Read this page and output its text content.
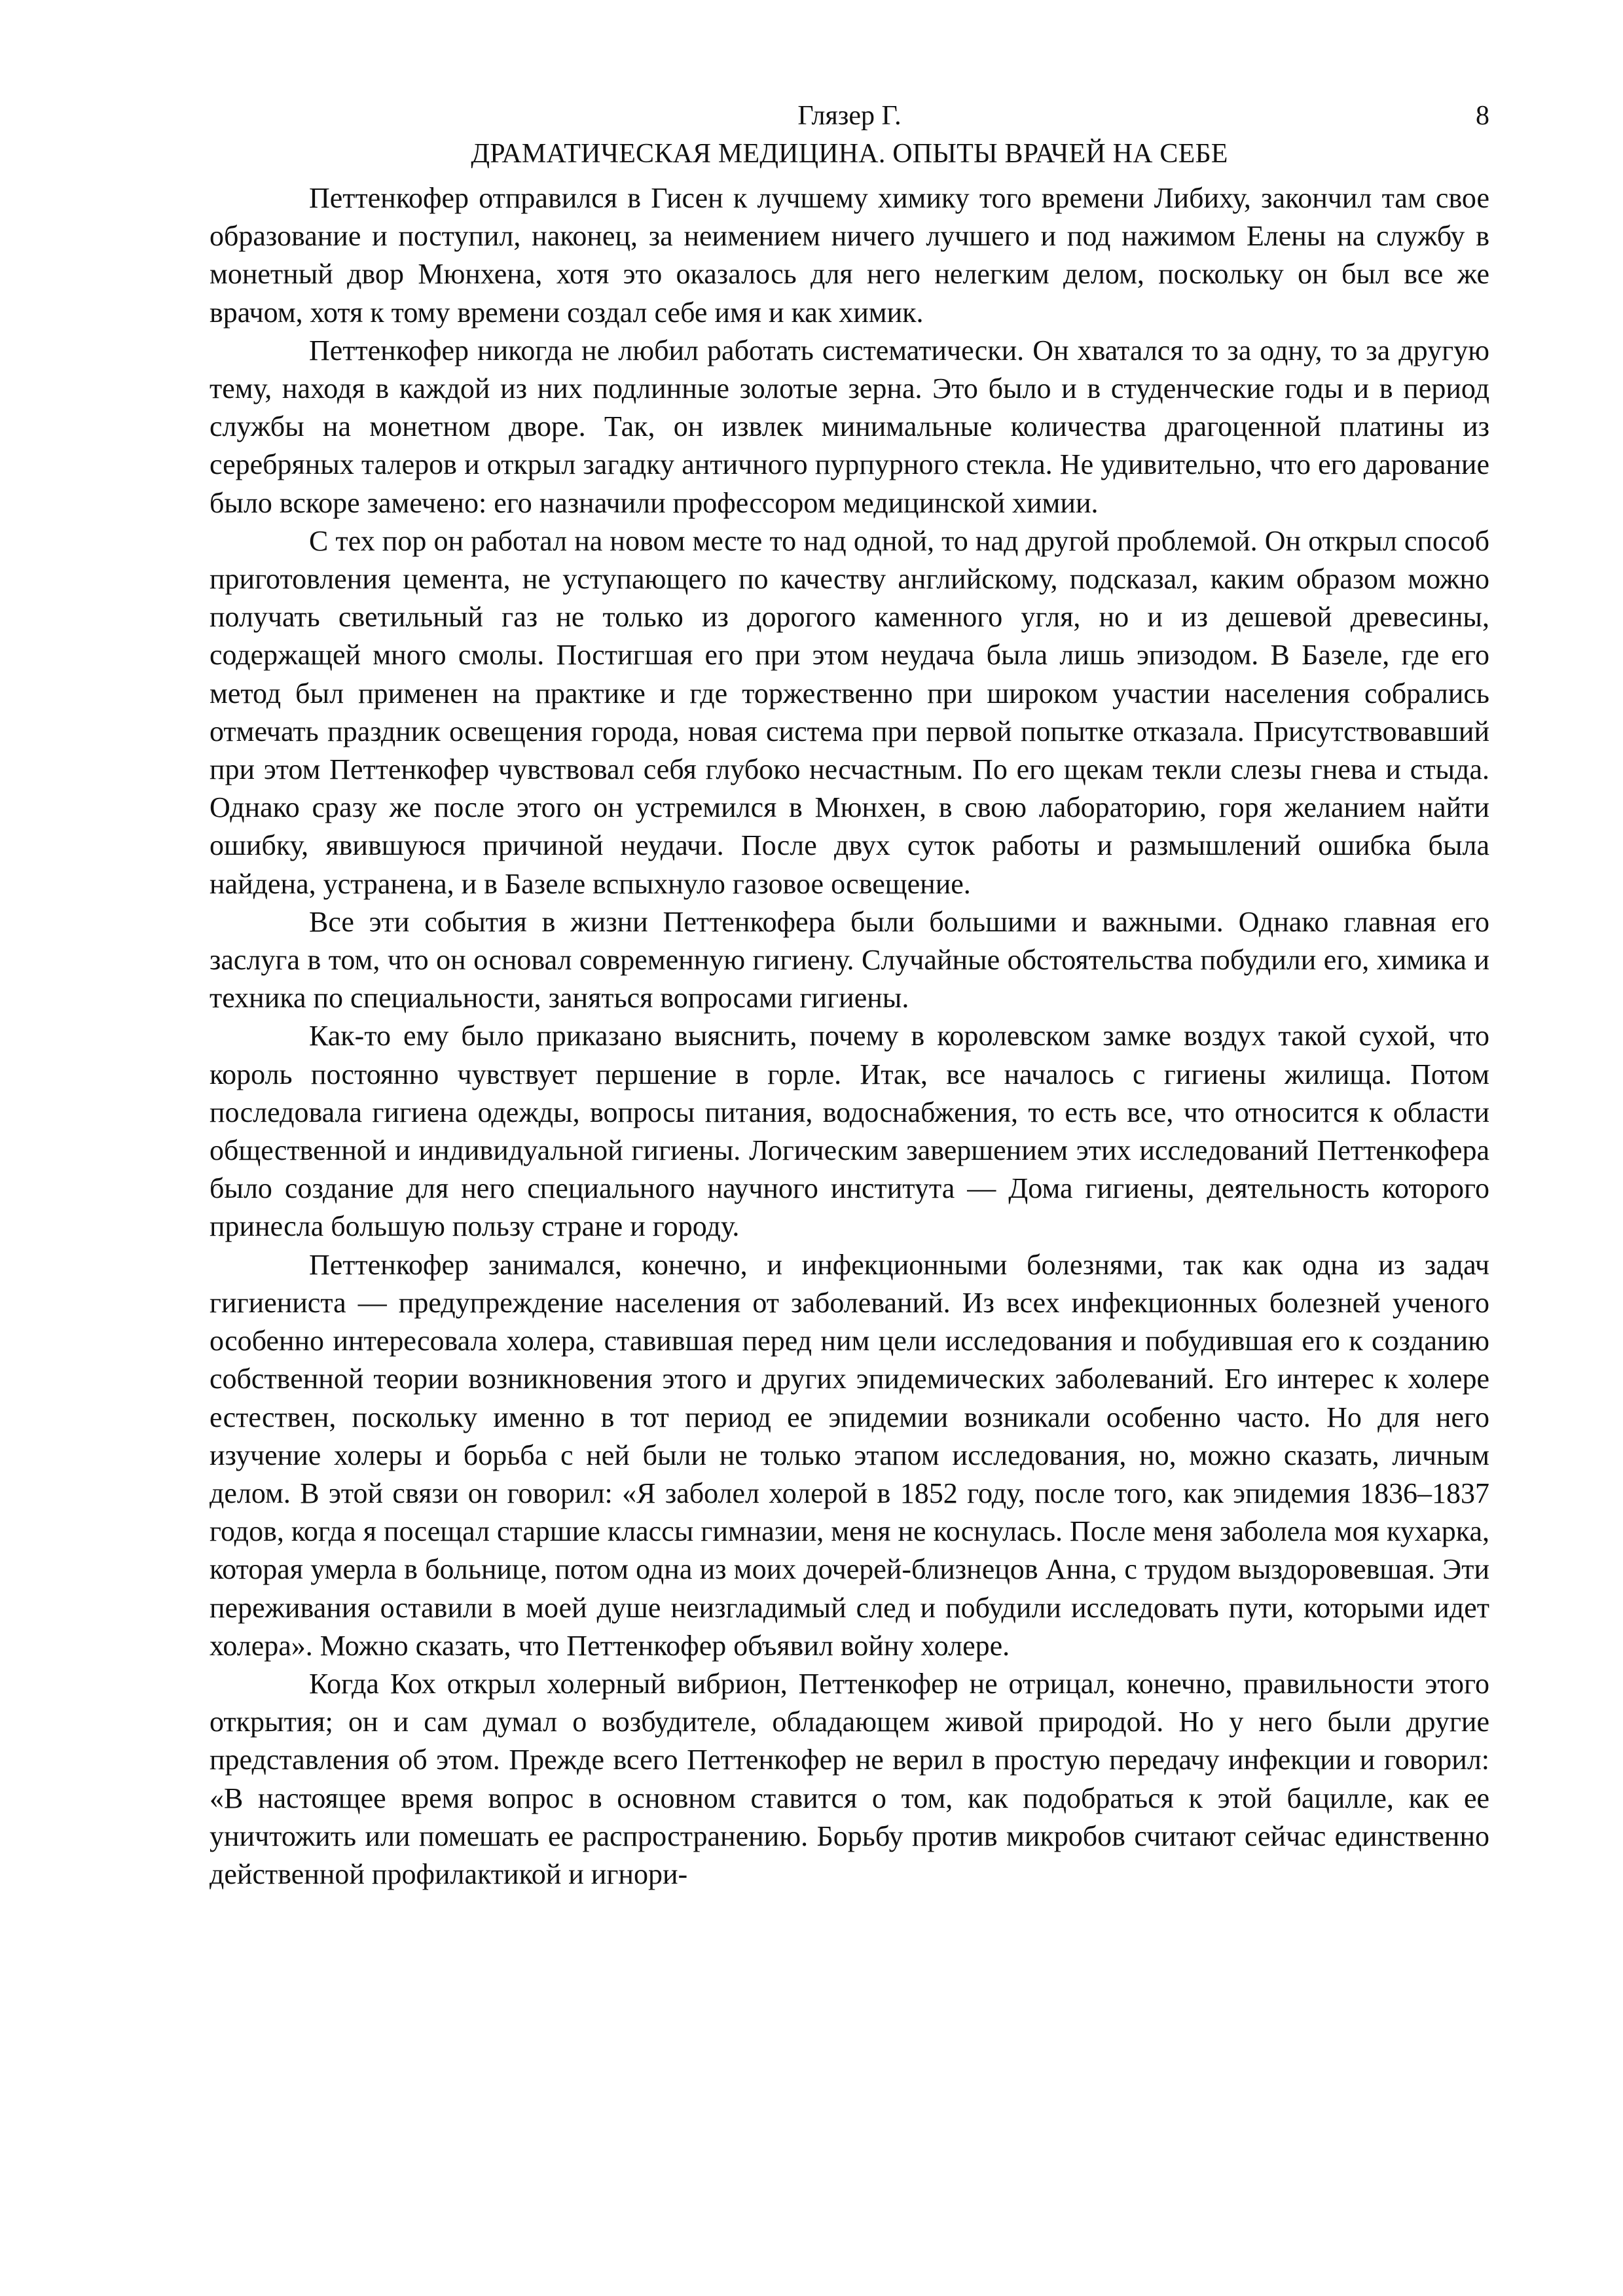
Глязер Г.
ДРАМАТИЧЕСКАЯ МЕДИЦИНА. ОПЫТЫ ВРАЧЕЙ НА СЕБЕ
8

Петтенкофер отправился в Гисен к лучшему химику того времени Либиху, закончил там свое образование и поступил, наконец, за неимением ничего лучшего и под нажимом Елены на службу в монетный двор Мюнхена, хотя это оказалось для него нелегким делом, поскольку он был все же врачом, хотя к тому времени создал себе имя и как химик.

Петтенкофер никогда не любил работать систематически. Он хватался то за одну, то за другую тему, находя в каждой из них подлинные золотые зерна. Это было и в студенческие годы и в период службы на монетном дворе. Так, он извлек минимальные количества драгоценной платины из серебряных талеров и открыл загадку античного пурпурного стекла. Не удивительно, что его дарование было вскоре замечено: его назначили профессором медицинской химии.

С тех пор он работал на новом месте то над одной, то над другой проблемой. Он открыл способ приготовления цемента, не уступающего по качеству английскому, подсказал, каким образом можно получать светильный газ не только из дорогого каменного угля, но и из дешевой древесины, содержащей много смолы. Постигшая его при этом неудача была лишь эпизодом. В Базеле, где его метод был применен на практике и где торжественно при широком участии населения собрались отмечать праздник освещения города, новая система при первой попытке отказала. Присутствовавший при этом Петтенкофер чувствовал себя глубоко несчастным. По его щекам текли слезы гнева и стыда. Однако сразу же после этого он устремился в Мюнхен, в свою лабораторию, горя желанием найти ошибку, явившуюся причиной неудачи. После двух суток работы и размышлений ошибка была найдена, устранена, и в Базеле вспыхнуло газовое освещение.

Все эти события в жизни Петтенкофера были большими и важными. Однако главная его заслуга в том, что он основал современную гигиену. Случайные обстоятельства побудили его, химика и техника по специальности, заняться вопросами гигиены.

Как-то ему было приказано выяснить, почему в королевском замке воздух такой сухой, что король постоянно чувствует першение в горле. Итак, все началось с гигиены жилища. Потом последовала гигиена одежды, вопросы питания, водоснабжения, то есть все, что относится к области общественной и индивидуальной гигиены. Логическим завершением этих исследований Петтенкофера было создание для него специального научного института — Дома гигиены, деятельность которого принесла большую пользу стране и городу.

Петтенкофер занимался, конечно, и инфекционными болезнями, так как одна из задач гигиениста — предупреждение населения от заболеваний. Из всех инфекционных болезней ученого особенно интересовала холера, ставившая перед ним цели исследования и побудившая его к созданию собственной теории возникновения этого и других эпидемических заболеваний. Его интерес к холере естествен, поскольку именно в тот период ее эпидемии возникали особенно часто. Но для него изучение холеры и борьба с ней были не только этапом исследования, но, можно сказать, личным делом. В этой связи он говорил: «Я заболел холерой в 1852 году, после того, как эпидемия 1836–1837 годов, когда я посещал старшие классы гимназии, меня не коснулась. После меня заболела моя кухарка, которая умерла в больнице, потом одна из моих дочерей-близнецов Анна, с трудом выздоровевшая. Эти переживания оставили в моей душе неизгладимый след и побудили исследовать пути, которыми идет холера». Можно сказать, что Петтенкофер объявил войну холере.

Когда Кох открыл холерный вибрион, Петтенкофер не отрицал, конечно, правильности этого открытия; он и сам думал о возбудителе, обладающем живой природой. Но у него были другие представления об этом. Прежде всего Петтенкофер не верил в простую передачу инфекции и говорил: «В настоящее время вопрос в основном ставится о том, как подобраться к этой бацилле, как ее уничтожить или помешать ее распространению. Борьбу против микробов считают сейчас единственно действенной профилактикой и игнори-
